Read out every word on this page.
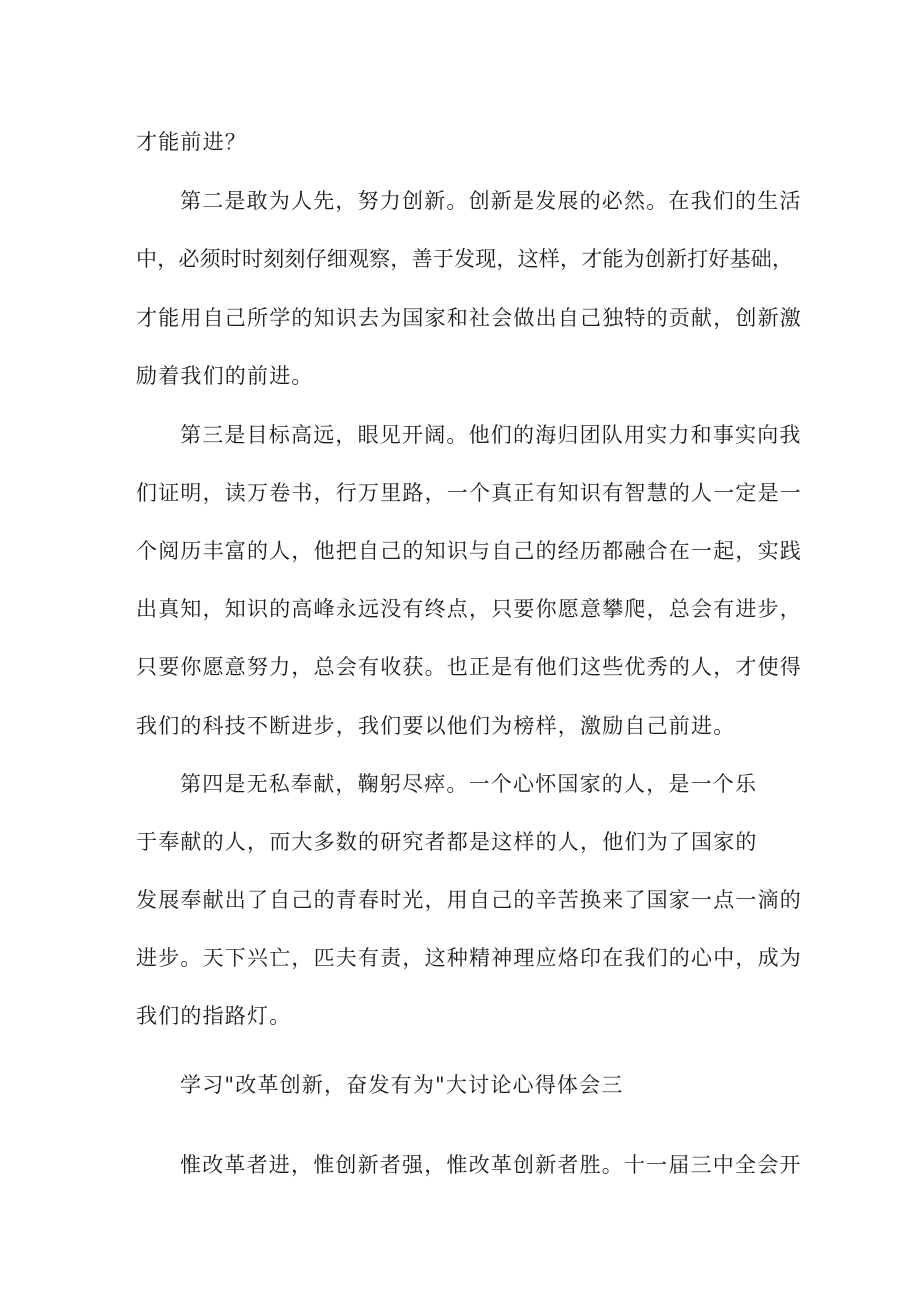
才能前进？
第二是敢为人先，努力创新。创新是发展的必然。在我们的生活
中，必须时时刻刻仔细观察，善于发现，这样，才能为创新打好基础，
才能用自己所学的知识去为国家和社会做出自己独特的贡献，创新激
励着我们的前进。
第三是目标高远，眼见开阔。他们的海归团队用实力和事实向我
们证明，读万卷书，行万里路，一个真正有知识有智慧的人一定是一
个阅历丰富的人，他把自己的知识与自己的经历都融合在一起，实践
出真知，知识的高峰永远没有终点，只要你愿意攀爬，总会有进步，
只要你愿意努力，总会有收获。也正是有他们这些优秀的人，才使得
我们的科技不断进步，我们要以他们为榜样，激励自己前进。
第四是无私奉献，鞠躬尽瘁。一个心怀国家的人，是一个乐
于奉献的人，而大多数的研究者都是这样的人，他们为了国家的
发展奉献出了自己的青春时光，用自己的辛苦换来了国家一点一滴的
进步。天下兴亡，匹夫有责，这种精神理应烙印在我们的心中，成为
我们的指路灯。
学习"改革创新，奋发有为"大讨论心得体会三
惟改革者进，惟创新者强，惟改革创新者胜。十一届三中全会开
